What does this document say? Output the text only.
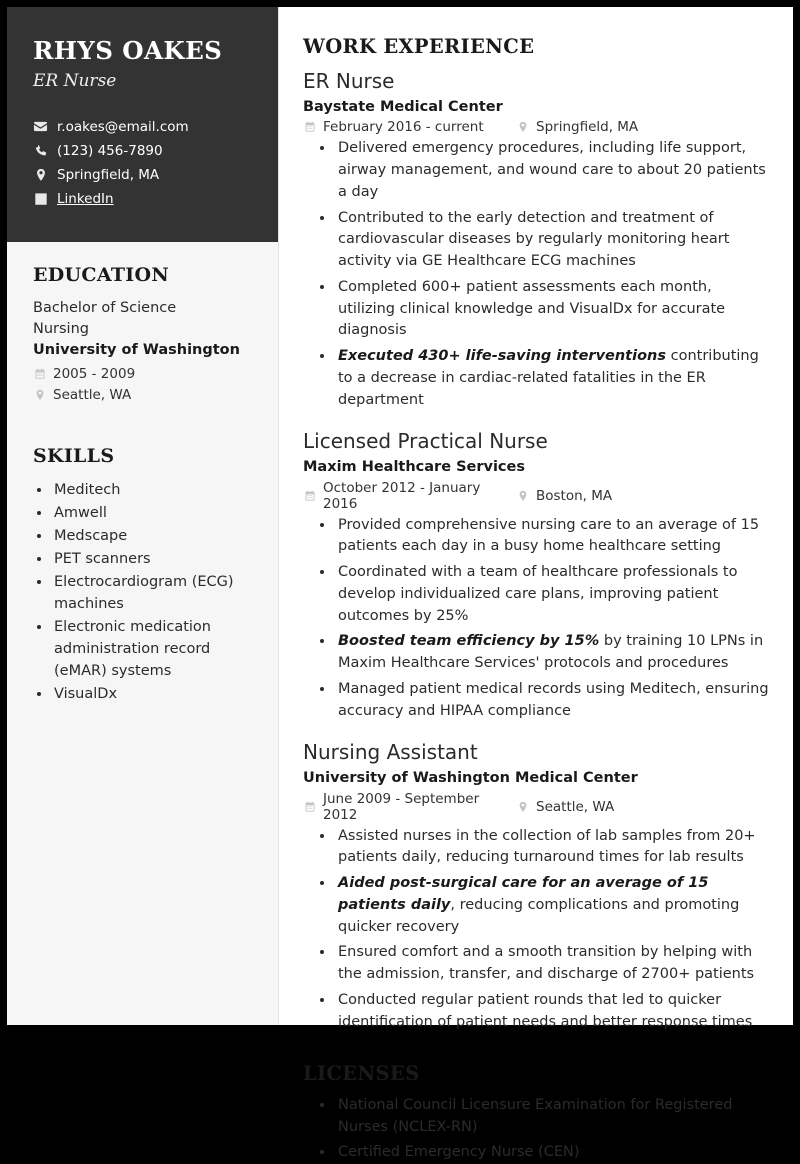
RHYS OAKES
ER Nurse
r.oakes@email.com
(123) 456-7890
Springfield, MA
LinkedIn
EDUCATION
Bachelor of Science
Nursing
University of Washington
2005 - 2009
Seattle, WA
SKILLS
• Meditech
• Amwell
• Medscape
• PET scanners
• Electrocardiogram (ECG) machines
• Electronic medication administration record (eMAR) systems
• VisualDx
WORK EXPERIENCE
ER Nurse
Baystate Medical Center
February 2016 - current	Springfield, MA
• Delivered emergency procedures, including life support, airway management, and wound care to about 20 patients a day
• Contributed to the early detection and treatment of cardiovascular diseases by regularly monitoring heart activity via GE Healthcare ECG machines
• Completed 600+ patient assessments each month, utilizing clinical knowledge and VisualDx for accurate diagnosis
• Executed 430+ life-saving interventions contributing to a decrease in cardiac-related fatalities in the ER department
Licensed Practical Nurse
Maxim Healthcare Services
October 2012 - January 2016	Boston, MA
• Provided comprehensive nursing care to an average of 15 patients each day in a busy home healthcare setting
• Coordinated with a team of healthcare professionals to develop individualized care plans, improving patient outcomes by 25%
• Boosted team efficiency by 15% by training 10 LPNs in Maxim Healthcare Services' protocols and procedures
• Managed patient medical records using Meditech, ensuring accuracy and HIPAA compliance
Nursing Assistant
University of Washington Medical Center
June 2009 - September 2012	Seattle, WA
• Assisted nurses in the collection of lab samples from 20+ patients daily, reducing turnaround times for lab results
• Aided post-surgical care for an average of 15 patients daily, reducing complications and promoting quicker recovery
• Ensured comfort and a smooth transition by helping with the admission, transfer, and discharge of 2700+ patients
• Conducted regular patient rounds that led to quicker identification of patient needs and better response times
LICENSES
• National Council Licensure Examination for Registered Nurses (NCLEX-RN)
• Certified Emergency Nurse (CEN)
